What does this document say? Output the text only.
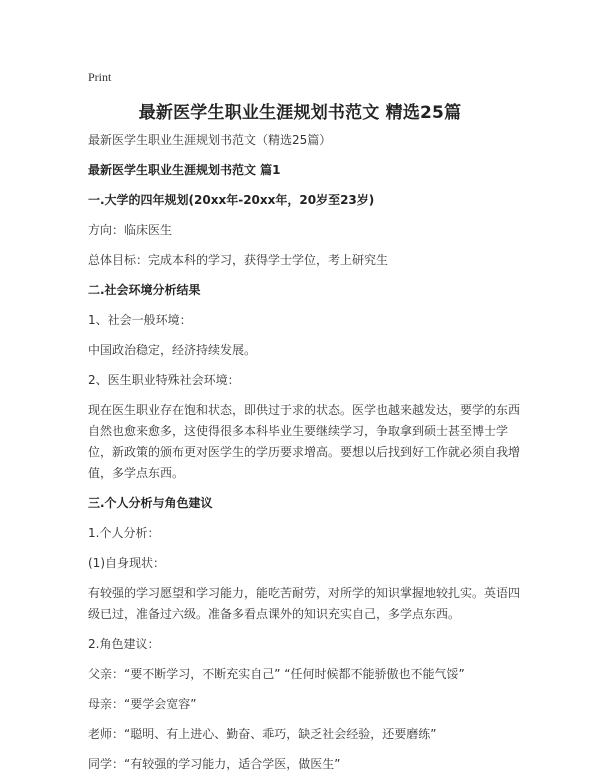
Print
最新医学生职业生涯规划书范文 精选25篇

最新医学生职业生涯规划书范文（精选25篇）

最新医学生职业生涯规划书范文 篇1

一.大学的四年规划(20xx年-20xx年，20岁至23岁)

方向：临床医生

总体目标：完成本科的学习，获得学士学位，考上研究生

二.社会环境分析结果

1、社会一般环境：

中国政治稳定，经济持续发展。

2、医生职业特殊社会环境：

现在医生职业存在饱和状态，即供过于求的状态。医学也越来越发达，要学的东西自然也愈来愈多，这使得很多本科毕业生要继续学习，争取拿到硕士甚至博士学位，新政策的颁布更对医学生的学历要求增高。要想以后找到好工作就必须自我增值，多学点东西。

三.个人分析与角色建议

1.个人分析：

(1)自身现状：

有较强的学习愿望和学习能力，能吃苦耐劳，对所学的知识掌握地较扎实。英语四级已过，准备过六级。准备多看点课外的知识充实自己，多学点东西。

2.角色建议：

父亲：“要不断学习，不断充实自己” “任何时候都不能骄傲也不能气馁”

母亲：“要学会宽容”

老师：“聪明、有上进心、勤奋、乖巧，缺乏社会经验，还要磨练”

同学：“有较强的学习能力，适合学医，做医生”
